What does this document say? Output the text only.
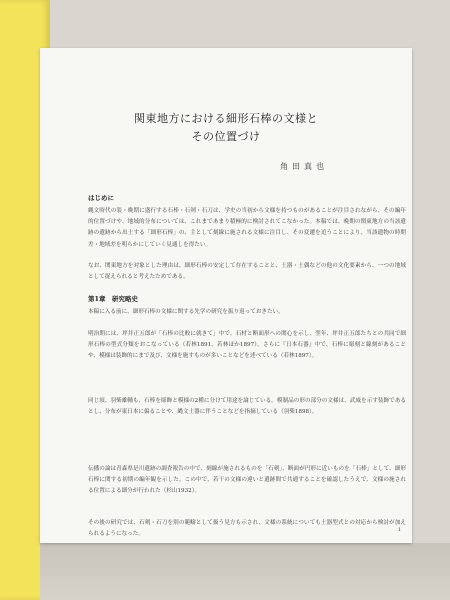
関東地方における細形石棒の文様と
その位置づけ
角田真也
はじめに
縄文時代の装・晩期に盛行する石棒・石剣・石刀は、学史の当初から文様を持つものがあることが注目されながら、その編年的位置づけや、地域的分布については、これまであまり積極的に検討されてこなかった。本稿では、晩期の関東地方の当該遺跡の遺跡から出土する「細形石棒」の、主として刻線に施される文様に注目し、その変遷を追うことにより、当該遺物の時期差・地域差を明らかにしていく見通しを得たい。
なお、関東地方を対象とした理由は、細形石棒の安定して存在することと、土器・土偶などの他の文化要素から、一つの地域として捉えられると考えたためである。
第1章　研究略史
本稿に入る前に、細形石棒の文様に関する先学の研究を振り返っておきたい。
明治期には、坪井正五郎が「石棒の比較に就きて」中で、石材と断面形への関心を示し、翌年、坪井正五郎たちとの共同で細形石棒の型式分類をおこなっている（若林1891、若林ほか1897）。さらに『日本石器』中で、石棒に彫刻と線刻があることや、模様は装飾的にまで及び、文様を施すものが多いことなどを述べている（若林1897）。
同じ頃、羽柴雄輔も、石棒を彫飾と模様の2種に分けて用途を論じている。模制品の形の部分の文様は、武威を示す装飾であるとし、分布が東日本に偏ることや、縄文土器に伴うことなどを指摘している（羽柴1898）。
伝播の論は青森県是川遺跡の調査報告の中で、刻線が施されるものを「石剣」、断面が円形に近いものを「石棒」として、細形石棒に関する初期の編年観を示した。この中で、若干の文様の違いと遺跡間で共通することを確認したうえで、文様の施される位置による細分が行われた（杉山1932）。
その後の研究では、石剣・石刀を別の範疇として扱う見方も示され、文様の系統についても土器型式との対応から検討が加えられるようになった。
1
